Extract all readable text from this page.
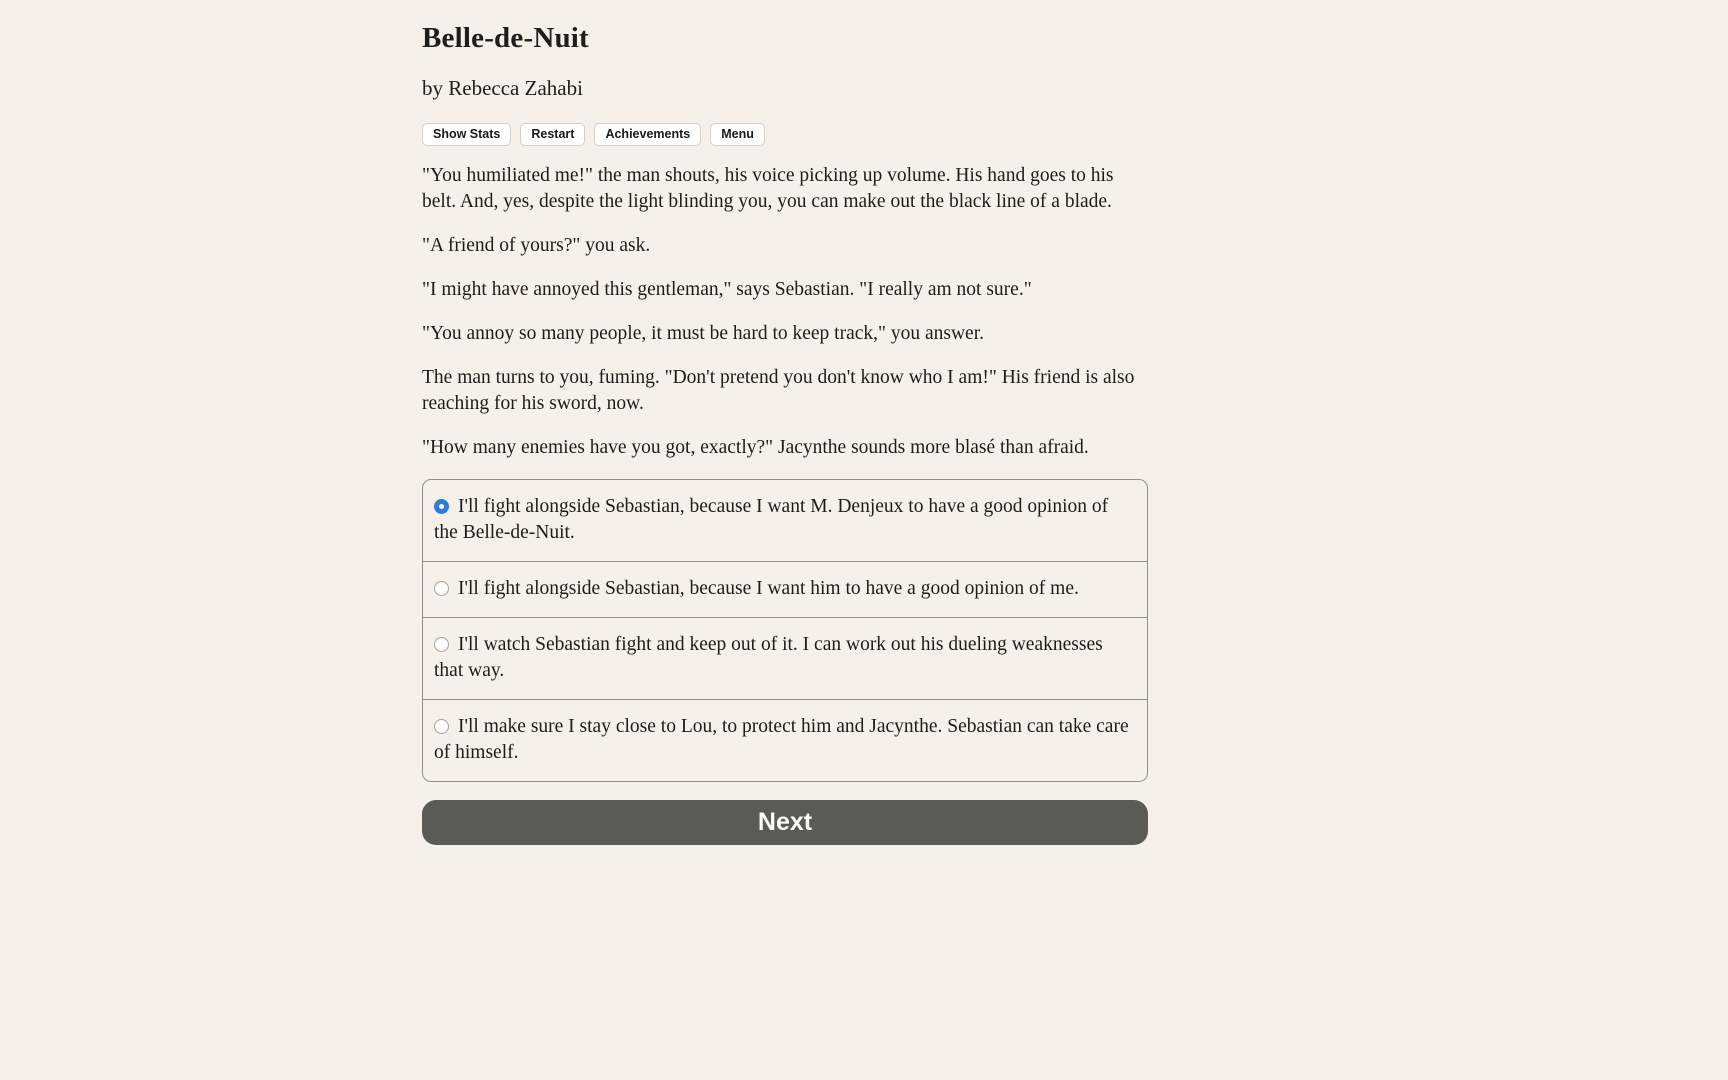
Belle-de-Nuit
by Rebecca Zahabi
Show Stats	Restart	Achievements	Menu

"You humiliated me!" the man shouts, his voice picking up volume. His hand goes to his belt. And, yes, despite the light blinding you, you can make out the black line of a blade.

"A friend of yours?" you ask.

"I might have annoyed this gentleman," says Sebastian. "I really am not sure."

"You annoy so many people, it must be hard to keep track," you answer.

The man turns to you, fuming. "Don't pretend you don't know who I am!" His friend is also reaching for his sword, now.

"How many enemies have you got, exactly?" Jacynthe sounds more blasé than afraid.

I'll fight alongside Sebastian, because I want M. Denjeux to have a good opinion of the Belle-de-Nuit.
I'll fight alongside Sebastian, because I want him to have a good opinion of me.
I'll watch Sebastian fight and keep out of it. I can work out his dueling weaknesses that way.
I'll make sure I stay close to Lou, to protect him and Jacynthe. Sebastian can take care of himself.
Next
